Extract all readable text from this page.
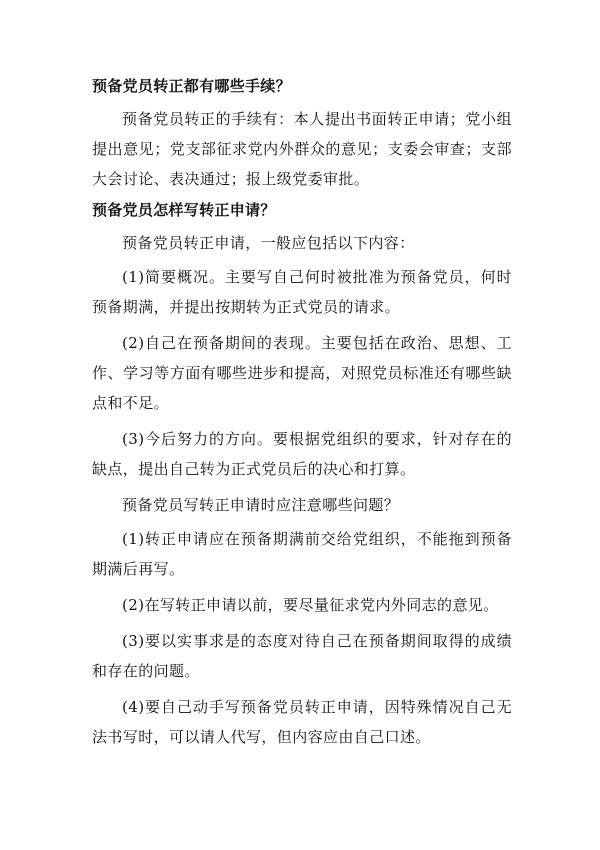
预备党员转正都有哪些手续？

预备党员转正的手续有：本人提出书面转正申请；党小组提出意见；党支部征求党内外群众的意见；支委会审查；支部大会讨论、表决通过；报上级党委审批。

预备党员怎样写转正申请？

预备党员转正申请，一般应包括以下内容：

(1)简要概况。主要写自己何时被批准为预备党员，何时预备期满，并提出按期转为正式党员的请求。

(2)自己在预备期间的表现。主要包括在政治、思想、工作、学习等方面有哪些进步和提高，对照党员标准还有哪些缺点和不足。

(3)今后努力的方向。要根据党组织的要求，针对存在的缺点，提出自己转为正式党员后的决心和打算。

预备党员写转正申请时应注意哪些问题？

(1)转正申请应在预备期满前交给党组织，不能拖到预备期满后再写。

(2)在写转正申请以前，要尽量征求党内外同志的意见。

(3)要以实事求是的态度对待自己在预备期间取得的成绩和存在的问题。

(4)要自己动手写预备党员转正申请，因特殊情况自己无法书写时，可以请人代写，但内容应由自己口述。
